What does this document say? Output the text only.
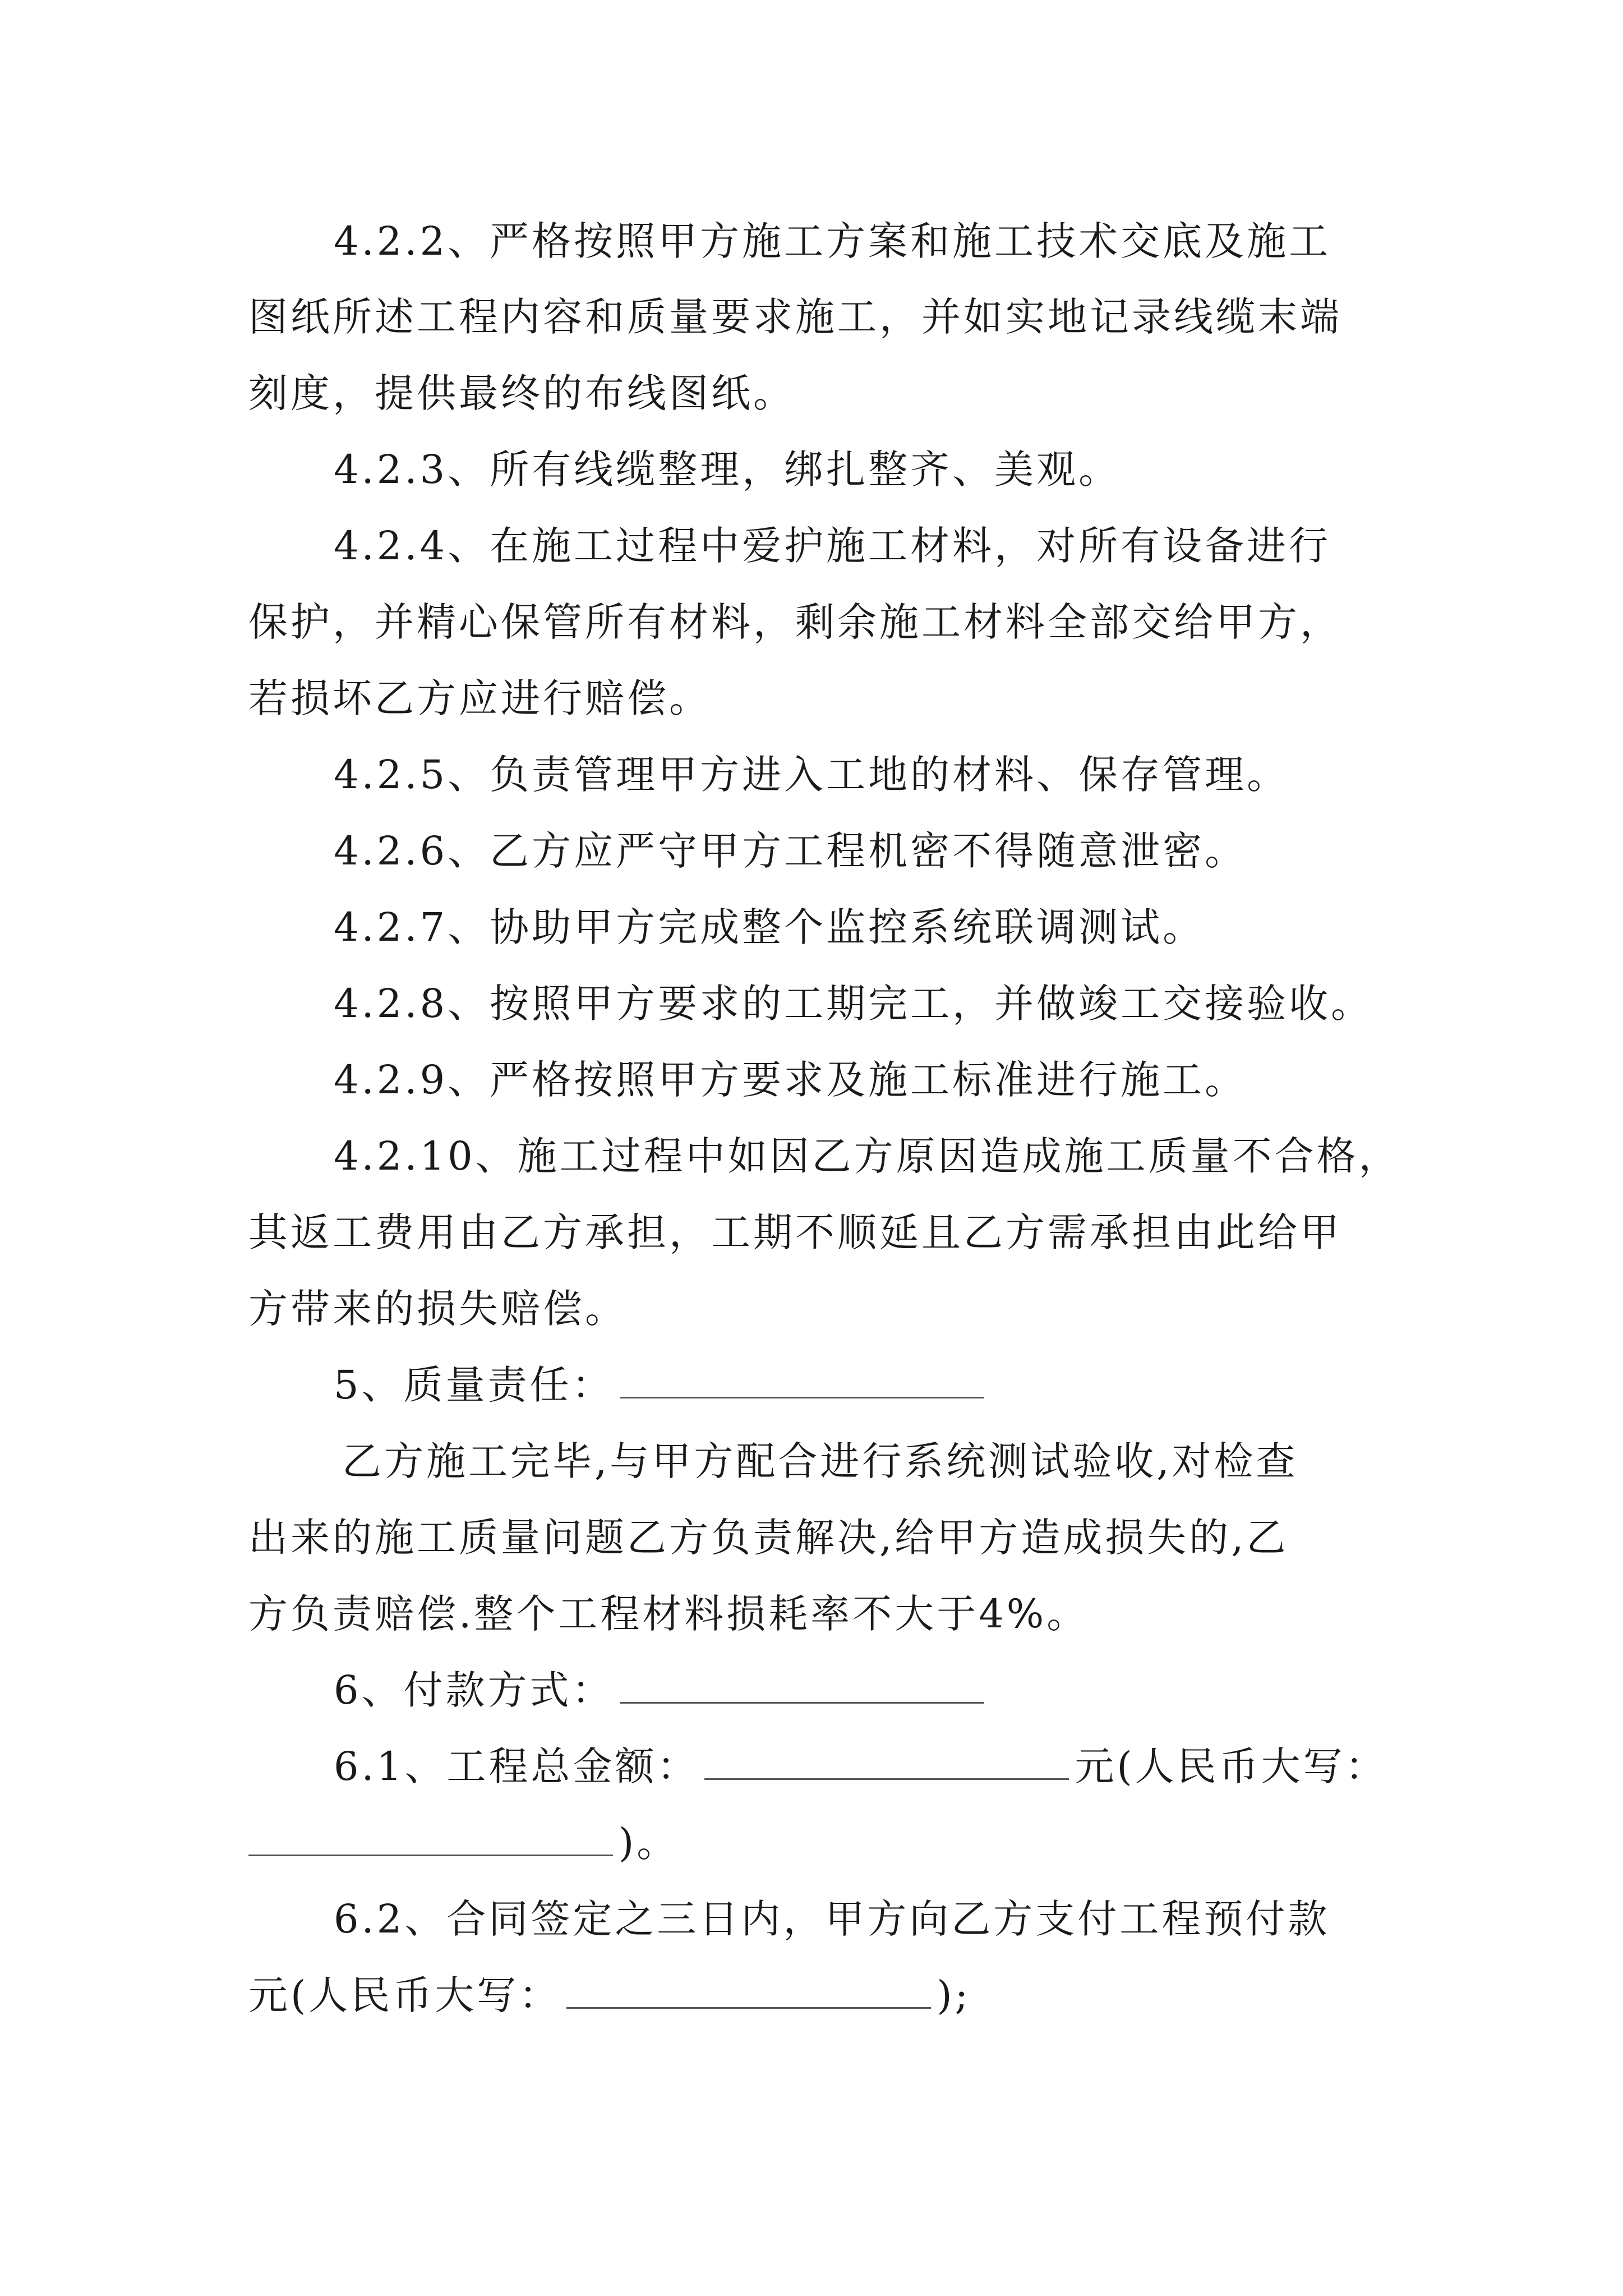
4.2.2、严格按照甲方施工方案和施工技术交底及施工
图纸所述工程内容和质量要求施工，并如实地记录线缆末端
刻度，提供最终的布线图纸。
4.2.3、所有线缆整理，绑扎整齐、美观。
4.2.4、在施工过程中爱护施工材料，对所有设备进行
保护，并精心保管所有材料，剩余施工材料全部交给甲方，
若损坏乙方应进行赔偿。
4.2.5、负责管理甲方进入工地的材料、保存管理。
4.2.6、乙方应严守甲方工程机密不得随意泄密。
4.2.7、协助甲方完成整个监控系统联调测试。
4.2.8、按照甲方要求的工期完工，并做竣工交接验收。
4.2.9、严格按照甲方要求及施工标准进行施工。
4.2.10、施工过程中如因乙方原因造成施工质量不合格，
其返工费用由乙方承担，工期不顺延且乙方需承担由此给甲
方带来的损失赔偿。
5、质量责任：
乙方施工完毕,与甲方配合进行系统测试验收,对检查
出来的施工质量问题乙方负责解决,给甲方造成损失的,乙
方负责赔偿.整个工程材料损耗率不大于4%。
6、付款方式：
6.1、工程总金额：	元(人民币大写：
)。
6.2、合同签定之三日内，甲方向乙方支付工程预付款
元(人民币大写：	);
